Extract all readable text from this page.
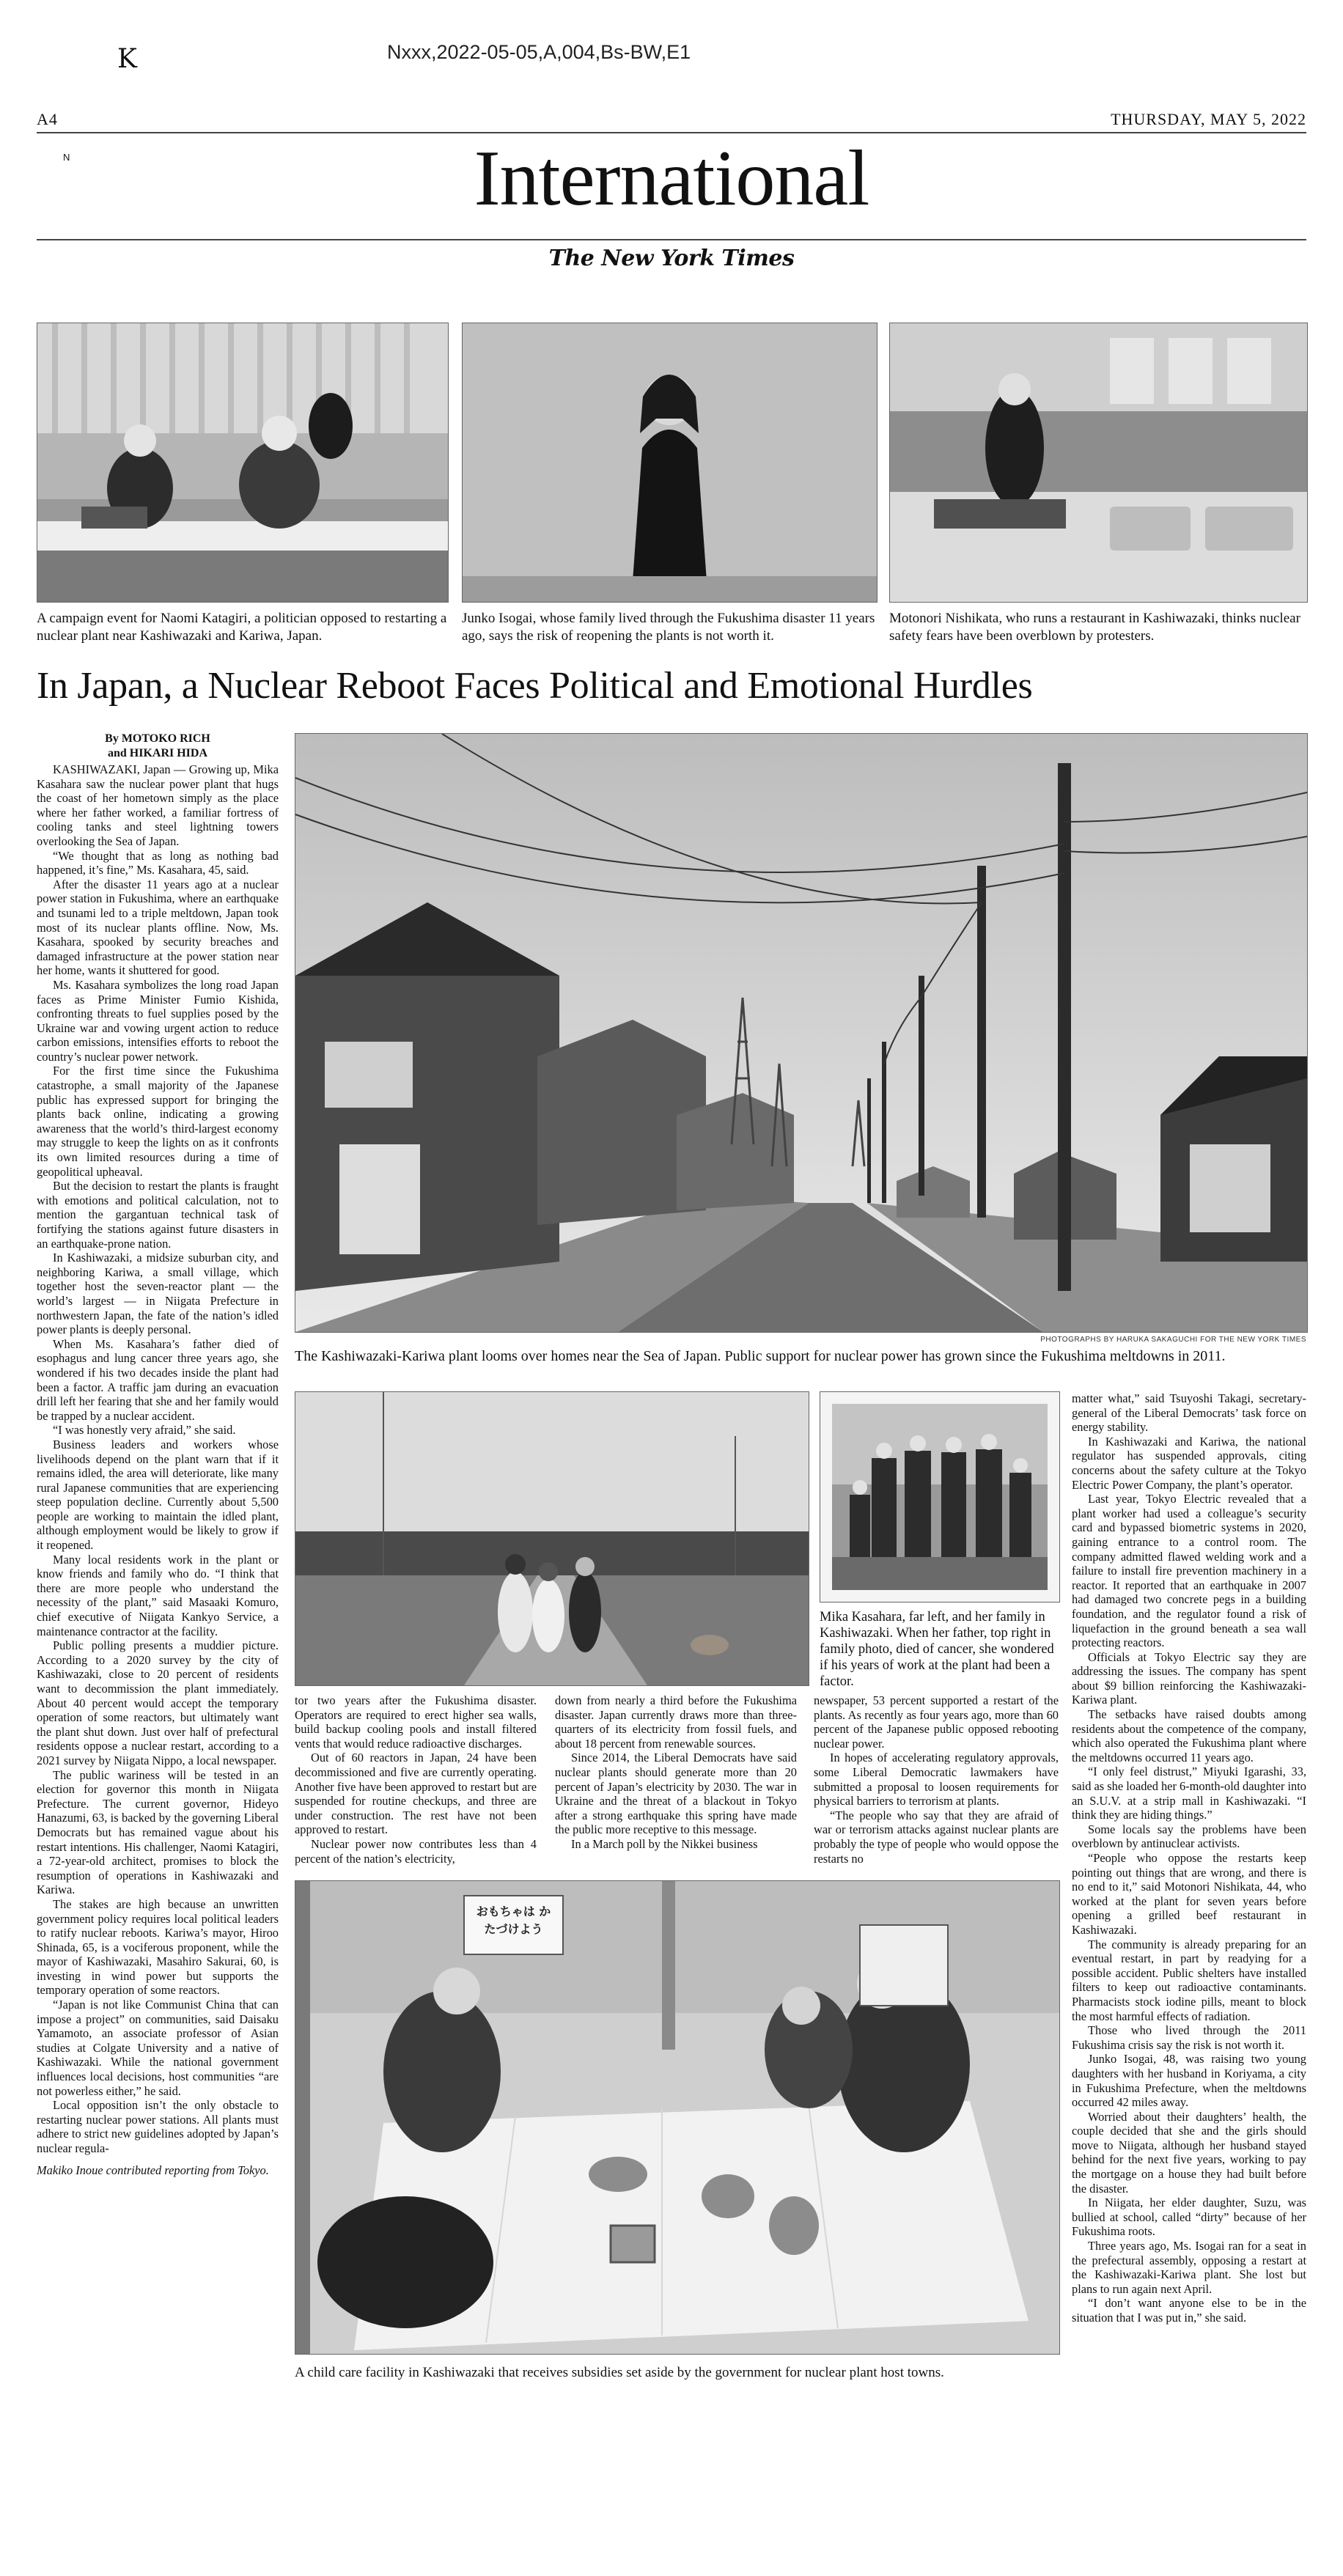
K	Nxxx,2022-05-05,A,004,Bs-BW,E1
A4	THURSDAY, MAY 5, 2022
N	International
The New York Times
A campaign event for Naomi Katagiri, a politician opposed to restarting a nuclear plant near Kashiwazaki and Kariwa, Japan.
Junko Isogai, whose family lived through the Fukushima disaster 11 years ago, says the risk of reopening the plants is not worth it.
Motonori Nishikata, who runs a restaurant in Kashiwazaki, thinks nuclear safety fears have been overblown by protesters.
In Japan, a Nuclear Reboot Faces Political and Emotional Hurdles
By MOTOKO RICH
and HIKARI HIDA
PHOTOGRAPHS BY HARUKA SAKAGUCHI FOR THE NEW YORK TIMES
The Kashiwazaki-Kariwa plant looms over homes near the Sea of Japan. Public support for nuclear power has grown since the Fukushima meltdowns in 2011.
Mika Kasahara, far left, and her family in Kashiwazaki. When her father, top right in family photo, died of cancer, she wondered if his years of work at the plant had been a factor.
おもちゃは かたづけよう
A child care facility in Kashiwazaki that receives subsidies set aside by the government for nuclear plant host towns.

KASHIWAZAKI, Japan — Growing up, Mika Kasahara saw the nuclear power plant that hugs the coast of her hometown simply as the place where her father worked, a familiar fortress of cooling tanks and steel lightning towers overlooking the Sea of Japan.

“We thought that as long as nothing bad happened, it’s fine,” Ms. Kasahara, 45, said.

After the disaster 11 years ago at a nuclear power station in Fukushima, where an earthquake and tsunami led to a triple meltdown, Japan took most of its nuclear plants offline. Now, Ms. Kasahara, spooked by security breaches and damaged infrastructure at the power station near her home, wants it shuttered for good.

Ms. Kasahara symbolizes the long road Japan faces as Prime Minister Fumio Kishida, confronting threats to fuel supplies posed by the Ukraine war and vowing urgent action to reduce carbon emissions, intensifies efforts to reboot the country’s nuclear power network.

For the first time since the Fukushima catastrophe, a small majority of the Japanese public has expressed support for bringing the plants back online, indicating a growing awareness that the world’s third-largest economy may struggle to keep the lights on as it confronts its own limited resources during a time of geopolitical upheaval.

But the decision to restart the plants is fraught with emotions and political calculation, not to mention the gargantuan technical task of fortifying the stations against future disasters in an earthquake-prone nation.

In Kashiwazaki, a midsize suburban city, and neighboring Kariwa, a small village, which together host the seven-reactor plant — the world’s largest — in Niigata Prefecture in northwestern Japan, the fate of the nation’s idled power plants is deeply personal.

When Ms. Kasahara’s father died of esophagus and lung cancer three years ago, she wondered if his two decades inside the plant had been a factor. A traffic jam during an evacuation drill left her fearing that she and her family would be trapped by a nuclear accident.

“I was honestly very afraid,” she said.

Business leaders and workers whose livelihoods depend on the plant warn that if it remains idled, the area will deteriorate, like many rural Japanese communities that are experiencing steep population decline. Currently about 5,500 people are working to maintain the idled plant, although employment would be likely to grow if it reopened.

Many local residents work in the plant or know friends and family who do. “I think that there are more people who understand the necessity of the plant,” said Masaaki Komuro, chief executive of Niigata Kankyo Service, a maintenance contractor at the facility.

Public polling presents a muddier picture. According to a 2020 survey by the city of Kashiwazaki, close to 20 percent of residents want to decommission the plant immediately. About 40 percent would accept the temporary operation of some reactors, but ultimately want the plant shut down. Just over half of prefectural residents oppose a nuclear restart, according to a 2021 survey by Niigata Nippo, a local newspaper.

The public wariness will be tested in an election for governor this month in Niigata Prefecture. The current governor, Hideyo Hanazumi, 63, is backed by the governing Liberal Democrats but has remained vague about his restart intentions. His challenger, Naomi Katagiri, a 72-year-old architect, promises to block the resumption of operations in Kashiwazaki and Kariwa.

The stakes are high because an unwritten government policy requires local political leaders to ratify nuclear reboots. Kariwa’s mayor, Hiroo Shinada, 65, is a vociferous proponent, while the mayor of Kashiwazaki, Masahiro Sakurai, 60, is investing in wind power but supports the temporary operation of some reactors.

“Japan is not like Communist China that can impose a project” on communities, said Daisaku Yamamoto, an associate professor of Asian studies at Colgate University and a native of Kashiwazaki. While the national government influences local decisions, host communities “are not powerless either,” he said.

Local opposition isn’t the only obstacle to restarting nuclear power stations. All plants must adhere to strict new guidelines adopted by Japan’s nuclear regula-

Makiko Inoue contributed reporting from Tokyo.

tor two years after the Fukushima disaster. Operators are required to erect higher sea walls, build backup cooling pools and install filtered vents that would reduce radioactive discharges.

Out of 60 reactors in Japan, 24 have been decommissioned and five are currently operating. Another five have been approved to restart but are suspended for routine checkups, and three are under construction. The rest have not been approved to restart.

Nuclear power now contributes less than 4 percent of the nation’s electricity,

down from nearly a third before the Fukushima disaster. Japan currently draws more than three-quarters of its electricity from fossil fuels, and about 18 percent from renewable sources.

Since 2014, the Liberal Democrats have said nuclear plants should generate more than 20 percent of Japan’s electricity by 2030. The war in Ukraine and the threat of a blackout in Tokyo after a strong earthquake this spring have made the public more receptive to this message.

In a March poll by the Nikkei business

newspaper, 53 percent supported a restart of the plants. As recently as four years ago, more than 60 percent of the Japanese public opposed rebooting nuclear power.

In hopes of accelerating regulatory approvals, some Liberal Democratic lawmakers have submitted a proposal to loosen requirements for physical barriers to terrorism at plants.

“The people who say that they are afraid of war or terrorism attacks against nuclear plants are probably the type of people who would oppose the restarts no

matter what,” said Tsuyoshi Takagi, secretary-general of the Liberal Democrats’ task force on energy stability.

In Kashiwazaki and Kariwa, the national regulator has suspended approvals, citing concerns about the safety culture at the Tokyo Electric Power Company, the plant’s operator.

Last year, Tokyo Electric revealed that a plant worker had used a colleague’s security card and bypassed biometric systems in 2020, gaining entrance to a control room. The company admitted flawed welding work and a failure to install fire prevention machinery in a reactor. It reported that an earthquake in 2007 had damaged two concrete pegs in a building foundation, and the regulator found a risk of liquefaction in the ground beneath a sea wall protecting reactors.

Officials at Tokyo Electric say they are addressing the issues. The company has spent about $9 billion reinforcing the Kashiwazaki-Kariwa plant.

The setbacks have raised doubts among residents about the competence of the company, which also operated the Fukushima plant where the meltdowns occurred 11 years ago.

“I only feel distrust,” Miyuki Igarashi, 33, said as she loaded her 6-month-old daughter into an S.U.V. at a strip mall in Kashiwazaki. “I think they are hiding things.”

Some locals say the problems have been overblown by antinuclear activists.

“People who oppose the restarts keep pointing out things that are wrong, and there is no end to it,” said Motonori Nishikata, 44, who worked at the plant for seven years before opening a grilled beef restaurant in Kashiwazaki.

The community is already preparing for an eventual restart, in part by readying for a possible accident. Public shelters have installed filters to keep out radioactive contaminants. Pharmacists stock iodine pills, meant to block the most harmful effects of radiation.

Those who lived through the 2011 Fukushima crisis say the risk is not worth it.

Junko Isogai, 48, was raising two young daughters with her husband in Koriyama, a city in Fukushima Prefecture, when the meltdowns occurred 42 miles away.

Worried about their daughters’ health, the couple decided that she and the girls should move to Niigata, although her husband stayed behind for the next five years, working to pay the mortgage on a house they had built before the disaster.

In Niigata, her elder daughter, Suzu, was bullied at school, called “dirty” because of her Fukushima roots.

Three years ago, Ms. Isogai ran for a seat in the prefectural assembly, opposing a restart at the Kashiwazaki-Kariwa plant. She lost but plans to run again next April.

“I don’t want anyone else to be in the situation that I was put in,” she said.
